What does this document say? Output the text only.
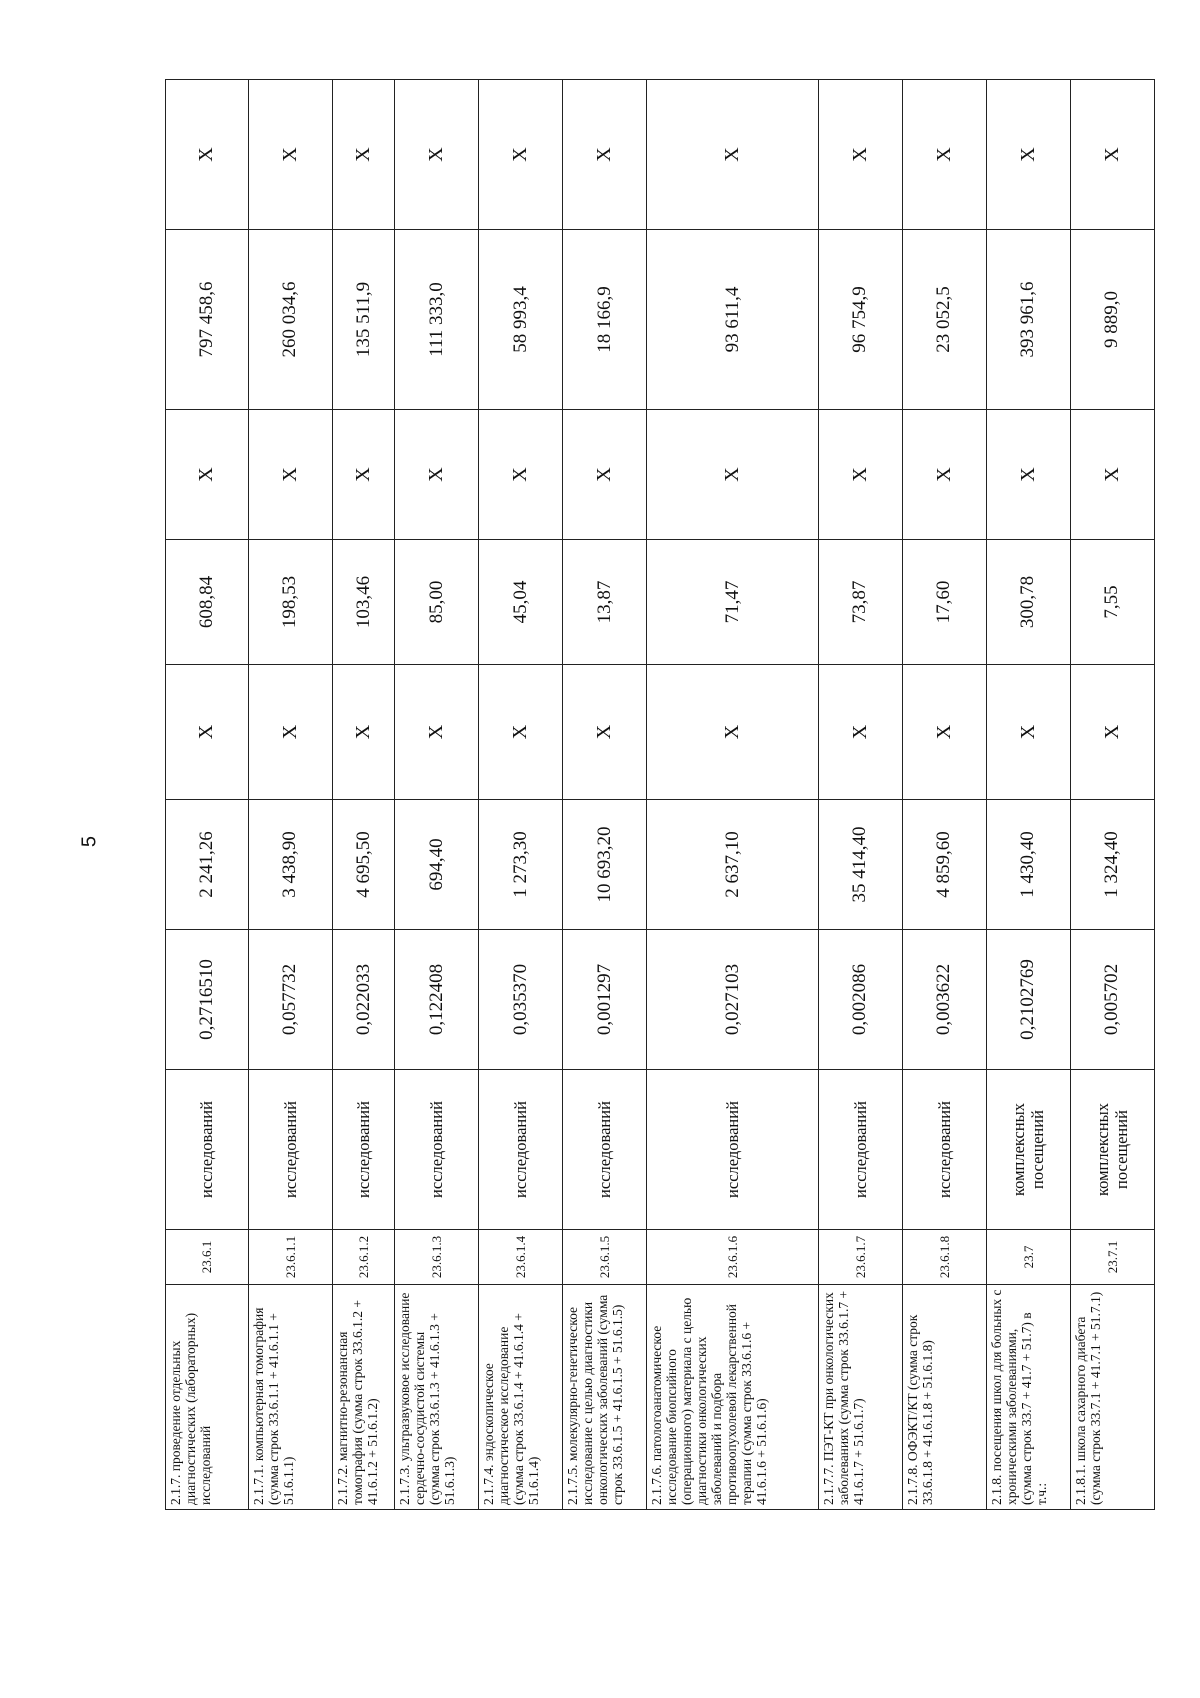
5
2.1.7. проведение отдельных диагностических (лабораторных) исследований	23.6.1	исследований	0,2716510	2 241,26	X	608,84	X	797 458,6	X
2.1.7.1. компьютерная томография (сумма строк 33.6.1.1 + 41.6.1.1 + 51.6.1.1)	23.6.1.1	исследований	0,057732	3 438,90	X	198,53	X	260 034,6	X
2.1.7.2. магнитно-резонансная томография (сумма строк 33.6.1.2 + 41.6.1.2 + 51.6.1.2)	23.6.1.2	исследований	0,022033	4 695,50	X	103,46	X	135 511,9	X
2.1.7.3. ультразвуковое исследование сердечно-сосудистой системы (сумма строк 33.6.1.3 + 41.6.1.3 + 51.6.1.3)	23.6.1.3	исследований	0,122408	694,40	X	85,00	X	111 333,0	X
2.1.7.4. эндоскопическое диагностическое исследование (сумма строк 33.6.1.4 + 41.6.1.4 + 51.6.1.4)	23.6.1.4	исследований	0,035370	1 273,30	X	45,04	X	58 993,4	X
2.1.7.5. молекулярно-генетическое исследование с целью диагностики онкологических заболеваний (сумма строк 33.6.1.5 + 41.6.1.5 + 51.6.1.5)	23.6.1.5	исследований	0,001297	10 693,20	X	13,87	X	18 166,9	X
2.1.7.6. патологоанатомическое исследование биопсийного (операционного) материала с целью диагностики онкологических заболеваний и подбора противоопухолевой лекарственной терапии (сумма строк 33.6.1.6 + 41.6.1.6 + 51.6.1.6)	23.6.1.6	исследований	0,027103	2 637,10	X	71,47	X	93 611,4	X
2.1.7.7. ПЭТ-КТ при онкологических заболеваниях (сумма строк 33.6.1.7 + 41.6.1.7 + 51.6.1.7)	23.6.1.7	исследований	0,002086	35 414,40	X	73,87	X	96 754,9	X
2.1.7.8. ОФЭКТ/КТ (сумма строк 33.6.1.8 + 41.6.1.8 + 51.6.1.8)	23.6.1.8	исследований	0,003622	4 859,60	X	17,60	X	23 052,5	X
2.1.8. посещения школ для больных с хроническими заболеваниями, (сумма строк 33.7 + 41.7 + 51.7) в т.ч.:	23.7	комплексных посещений	0,2102769	1 430,40	X	300,78	X	393 961,6	X
2.1.8.1. школа сахарного диабета (сумма строк 33.7.1 + 41.7.1 + 51.7.1)	23.7.1	комплексных посещений	0,005702	1 324,40	X	7,55	X	9 889,0	X
